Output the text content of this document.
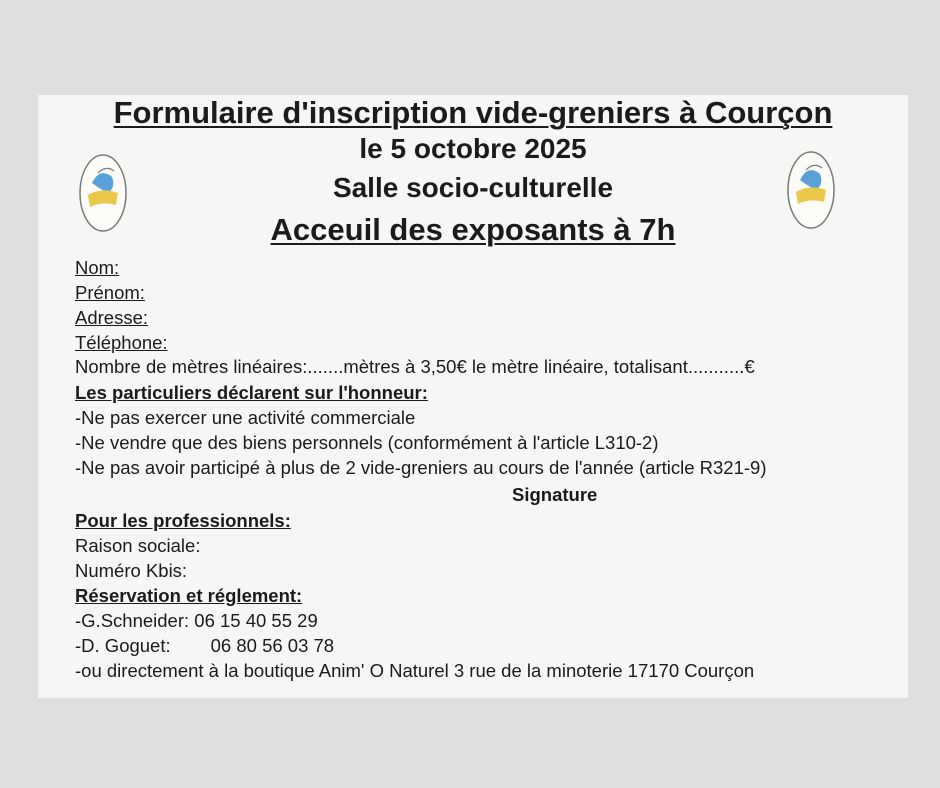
Formulaire d'inscription vide-greniers à Courçon
le 5 octobre 2025
Salle socio-culturelle
Acceuil des exposants à 7h
Nom:
Prénom:
Adresse:
Téléphone:
Nombre de mètres linéaires:.......mètres à 3,50€ le mètre linéaire, totalisant...........€
Les particuliers déclarent sur l'honneur:
-Ne pas exercer une activité commerciale
-Ne vendre que des biens personnels (conformément à l'article L310-2)
-Ne pas avoir participé à plus de 2 vide-greniers au cours de l'année (article R321-9)
Signature
Pour les professionnels:
Raison sociale:
Numéro Kbis:
Réservation et réglement:
-G.Schneider: 06 15 40 55 29
-D. Goguet: 06 80 56 03 78
-ou directement à la boutique Anim' O Naturel 3 rue de la minoterie 17170 Courçon
